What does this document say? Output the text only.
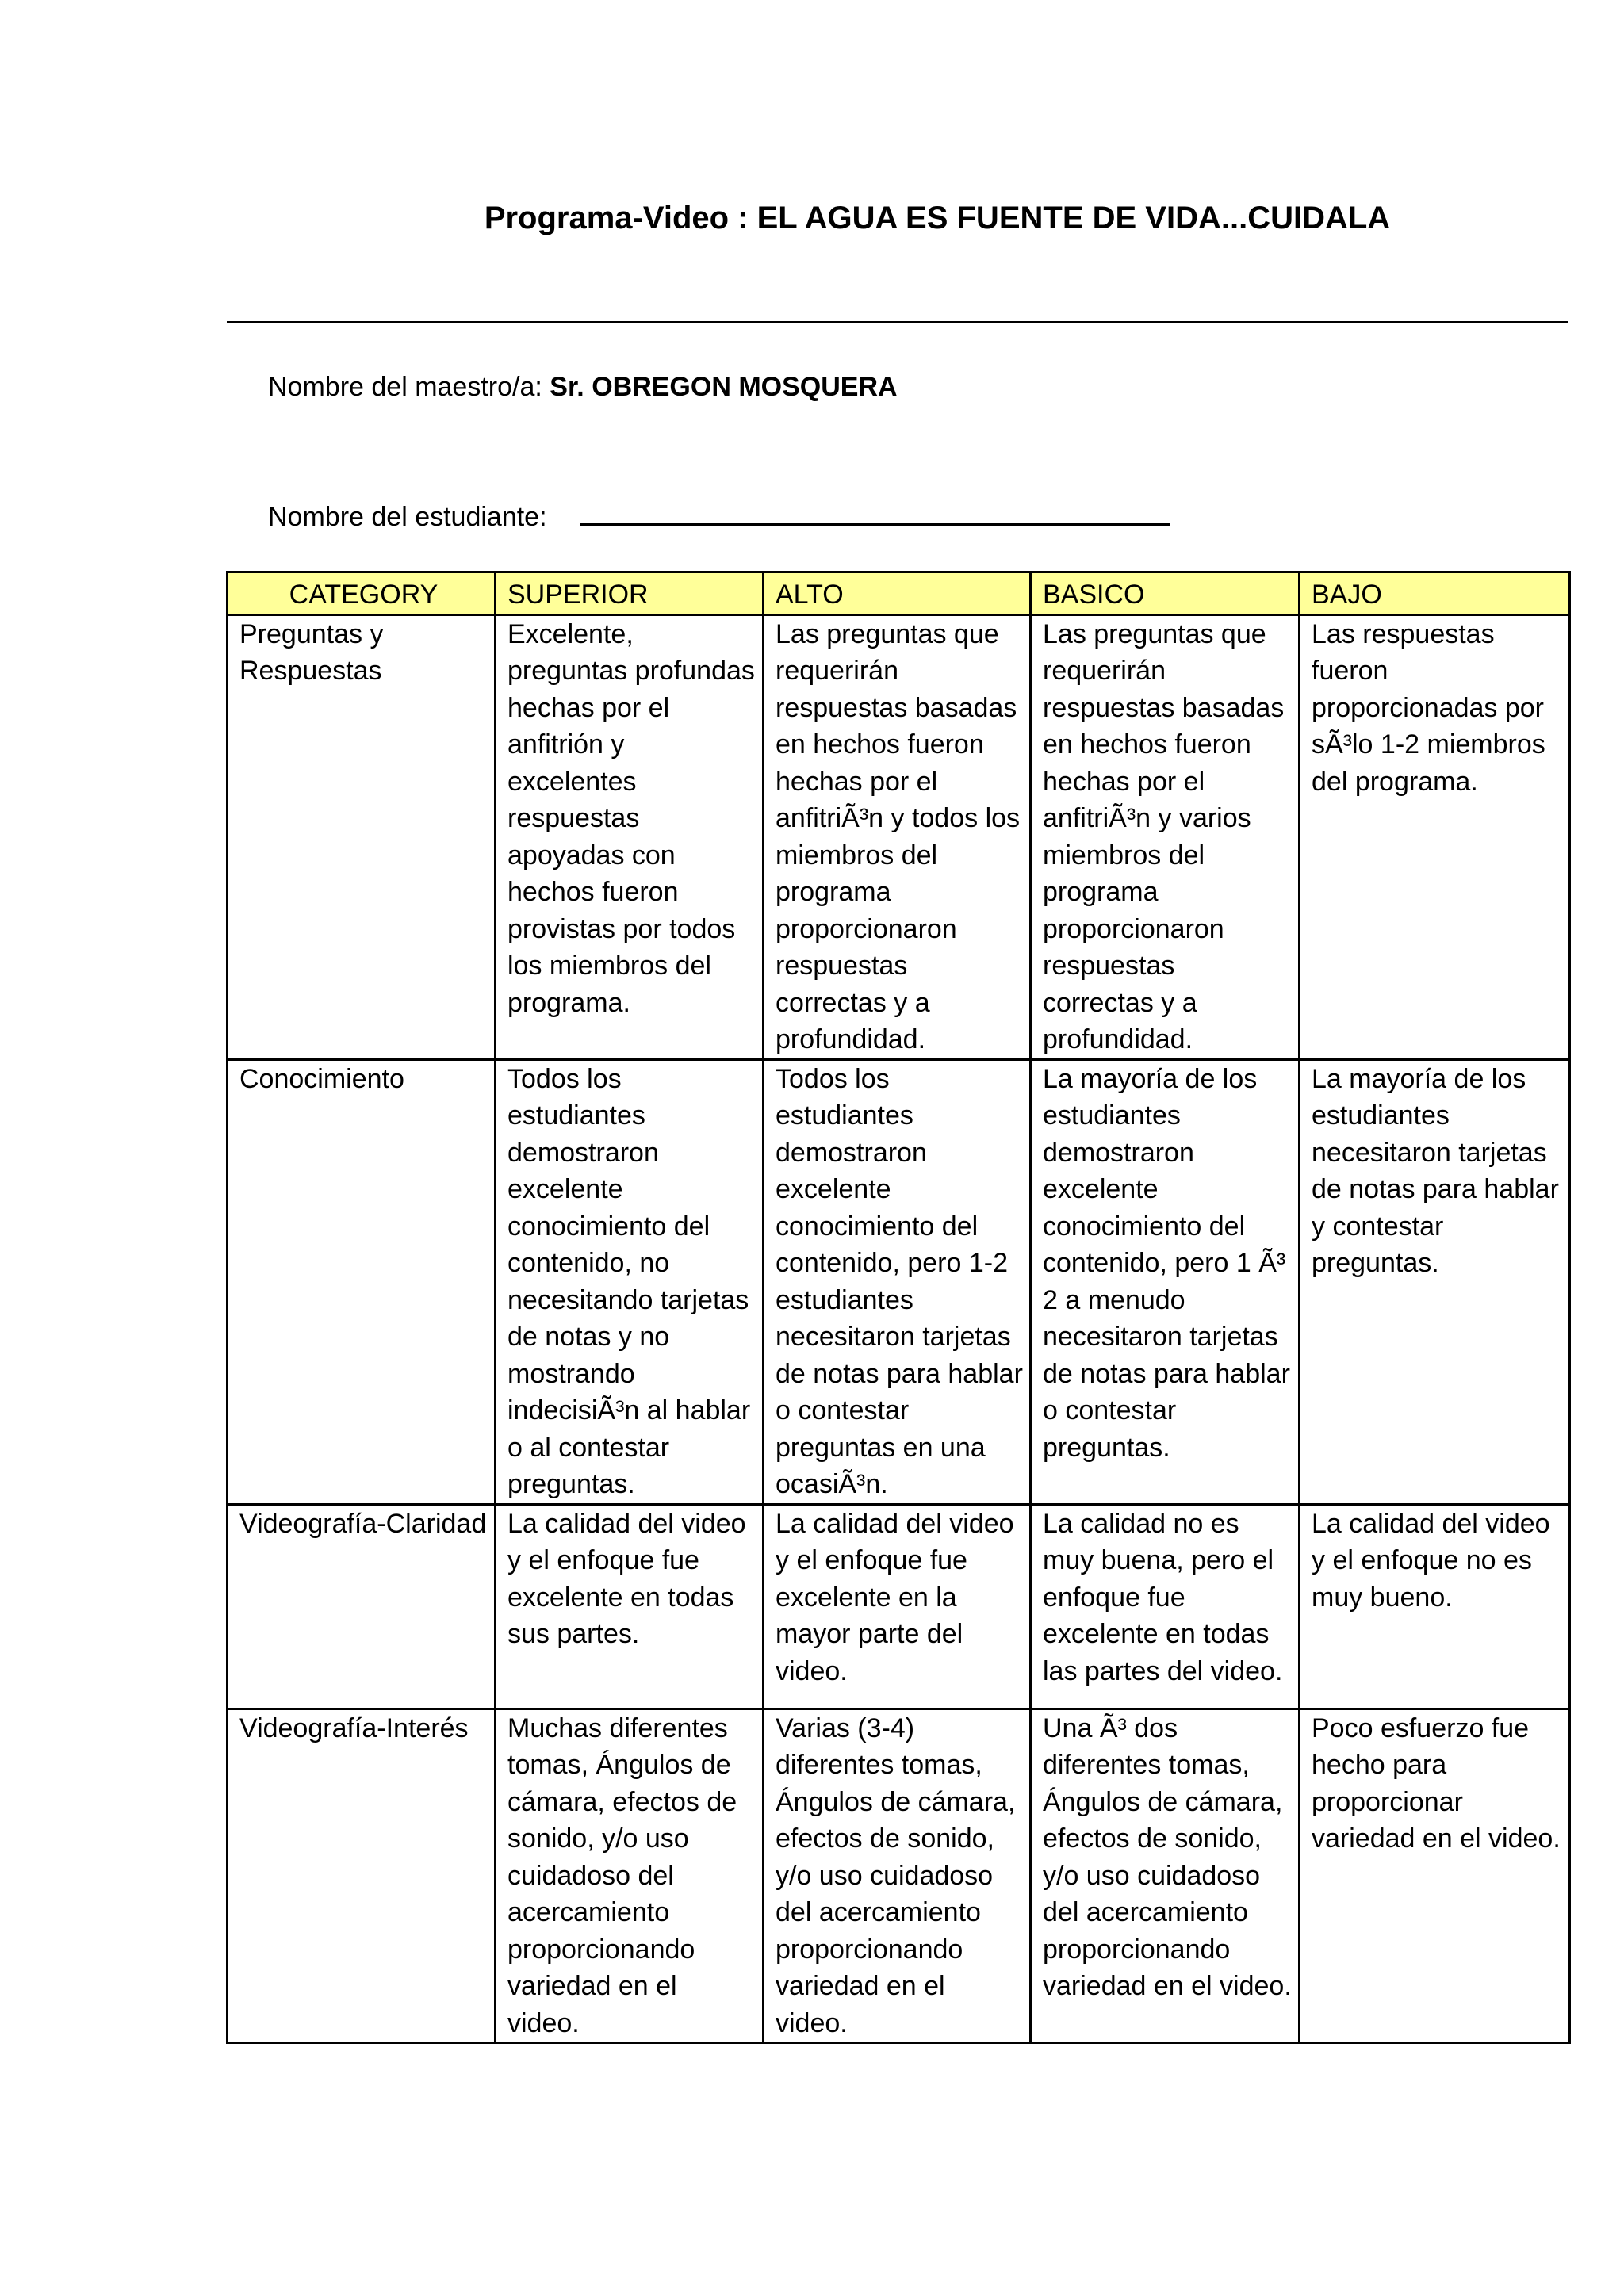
Programa-Video : EL AGUA ES FUENTE DE VIDA...CUIDALA
Nombre del maestro/a: Sr. OBREGON MOSQUERA
Nombre del estudiante:
CATEGORY	SUPERIOR	ALTO	BASICO	BAJO
Preguntas y Respuestas	Excelente, preguntas profundas hechas por el anfitrión y excelentes respuestas apoyadas con hechos fueron provistas por todos los miembros del programa.	Las preguntas que requerirán respuestas basadas en hechos fueron hechas por el anfitriÃ³n y todos los miembros del programa proporcionaron respuestas correctas y a profundidad.	Las preguntas que requerirán respuestas basadas en hechos fueron hechas por el anfitriÃ³n y varios miembros del programa proporcionaron respuestas correctas y a profundidad.	Las respuestas fueron proporcionadas por sÃ³lo 1-2 miembros del programa.
Conocimiento	Todos los estudiantes demostraron excelente conocimiento del contenido, no necesitando tarjetas de notas y no mostrando indecisiÃ³n al hablar o al contestar preguntas.	Todos los estudiantes demostraron excelente conocimiento del contenido, pero 1-2 estudiantes necesitaron tarjetas de notas para hablar o contestar preguntas en una ocasiÃ³n.	La mayoría de los estudiantes demostraron excelente conocimiento del contenido, pero 1 Ã³ 2 a menudo necesitaron tarjetas de notas para hablar o contestar preguntas.	La mayoría de los estudiantes necesitaron tarjetas de notas para hablar y contestar preguntas.
Videografía-Claridad	La calidad del video y el enfoque fue excelente en todas sus partes.	La calidad del video y el enfoque fue excelente en la mayor parte del video.	La calidad no es muy buena, pero el enfoque fue excelente en todas las partes del video.	La calidad del video y el enfoque no es muy bueno.
Videografía-Interés	Muchas diferentes tomas, Ángulos de cámara, efectos de sonido, y/o uso cuidadoso del acercamiento proporcionando variedad en el video.	Varias (3-4) diferentes tomas, Ángulos de cámara, efectos de sonido, y/o uso cuidadoso del acercamiento proporcionando variedad en el video.	Una Ã³ dos diferentes tomas, Ángulos de cámara, efectos de sonido, y/o uso cuidadoso del acercamiento proporcionando variedad en el video.	Poco esfuerzo fue hecho para proporcionar variedad en el video.
